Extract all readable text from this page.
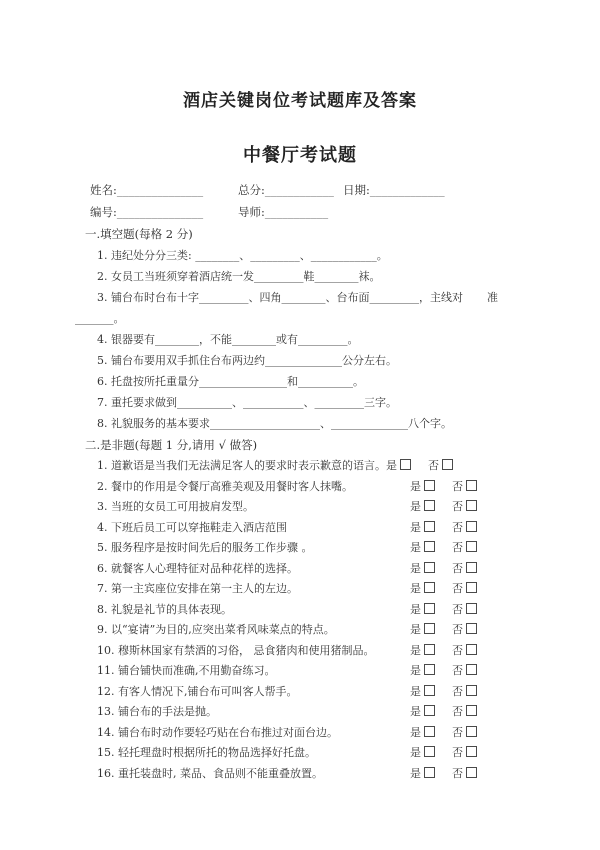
酒店关键岗位考试题库及答案
中餐厅考试题
姓名:_______________	总分:____________ 日期:_____________
编号:_______________	导师:___________
一.填空题(每格 2 分)
1. 违纪处分分三类: ________、_________、____________。
2. 女员工当班须穿着酒店统一发_________鞋________袜。
3. 铺台布时台布十字_________、四角________、台布面_________，主线对 准
_______。
4. 银器要有________，不能________或有_________。
5. 铺台布要用双手抓住台布两边约______________公分左右。
6. 托盘按所托重量分________________和__________。
7. 重托要求做到__________、___________、_________三字。
8. 礼貌服务的基本要求____________________、______________八个字。
二.是非题(每题 1 分,请用 √ 做答)
1. 道歉语是当我们无法满足客人的要求时表示歉意的语言。 是	否
2. 餐巾的作用是令餐厅高雅美观及用餐时客人抹嘴。	是	否
3. 当班的女员工可用披肩发型。	是	否
4. 下班后员工可以穿拖鞋走入酒店范围	是	否
5. 服务程序是按时间先后的服务工作步骤 。	是	否
6. 就餐客人心理特征对品种花样的选择。	是	否
7. 第一主宾座位安排在第一主人的左边。	是	否
8. 礼貌是礼节的具体表现。	是	否
9. 以“宴请”为目的,应突出菜肴风味菜点的特点。	是	否
10. 穆斯林国家有禁酒的习俗， 忌食猪肉和使用猪制品。	是	否
11. 铺台铺快而准确,不用勤奋练习。	是	否
12. 有客人情况下,铺台布可叫客人帮手。	是	否
13. 铺台布的手法是抛。	是	否
14. 铺台布时动作要轻巧贴在台布推过对面台边。	是	否
15. 轻托理盘时根据所托的物品选择好托盘。	是	否
16. 重托装盘时, 菜品、食品则不能重叠放置。	是	否
